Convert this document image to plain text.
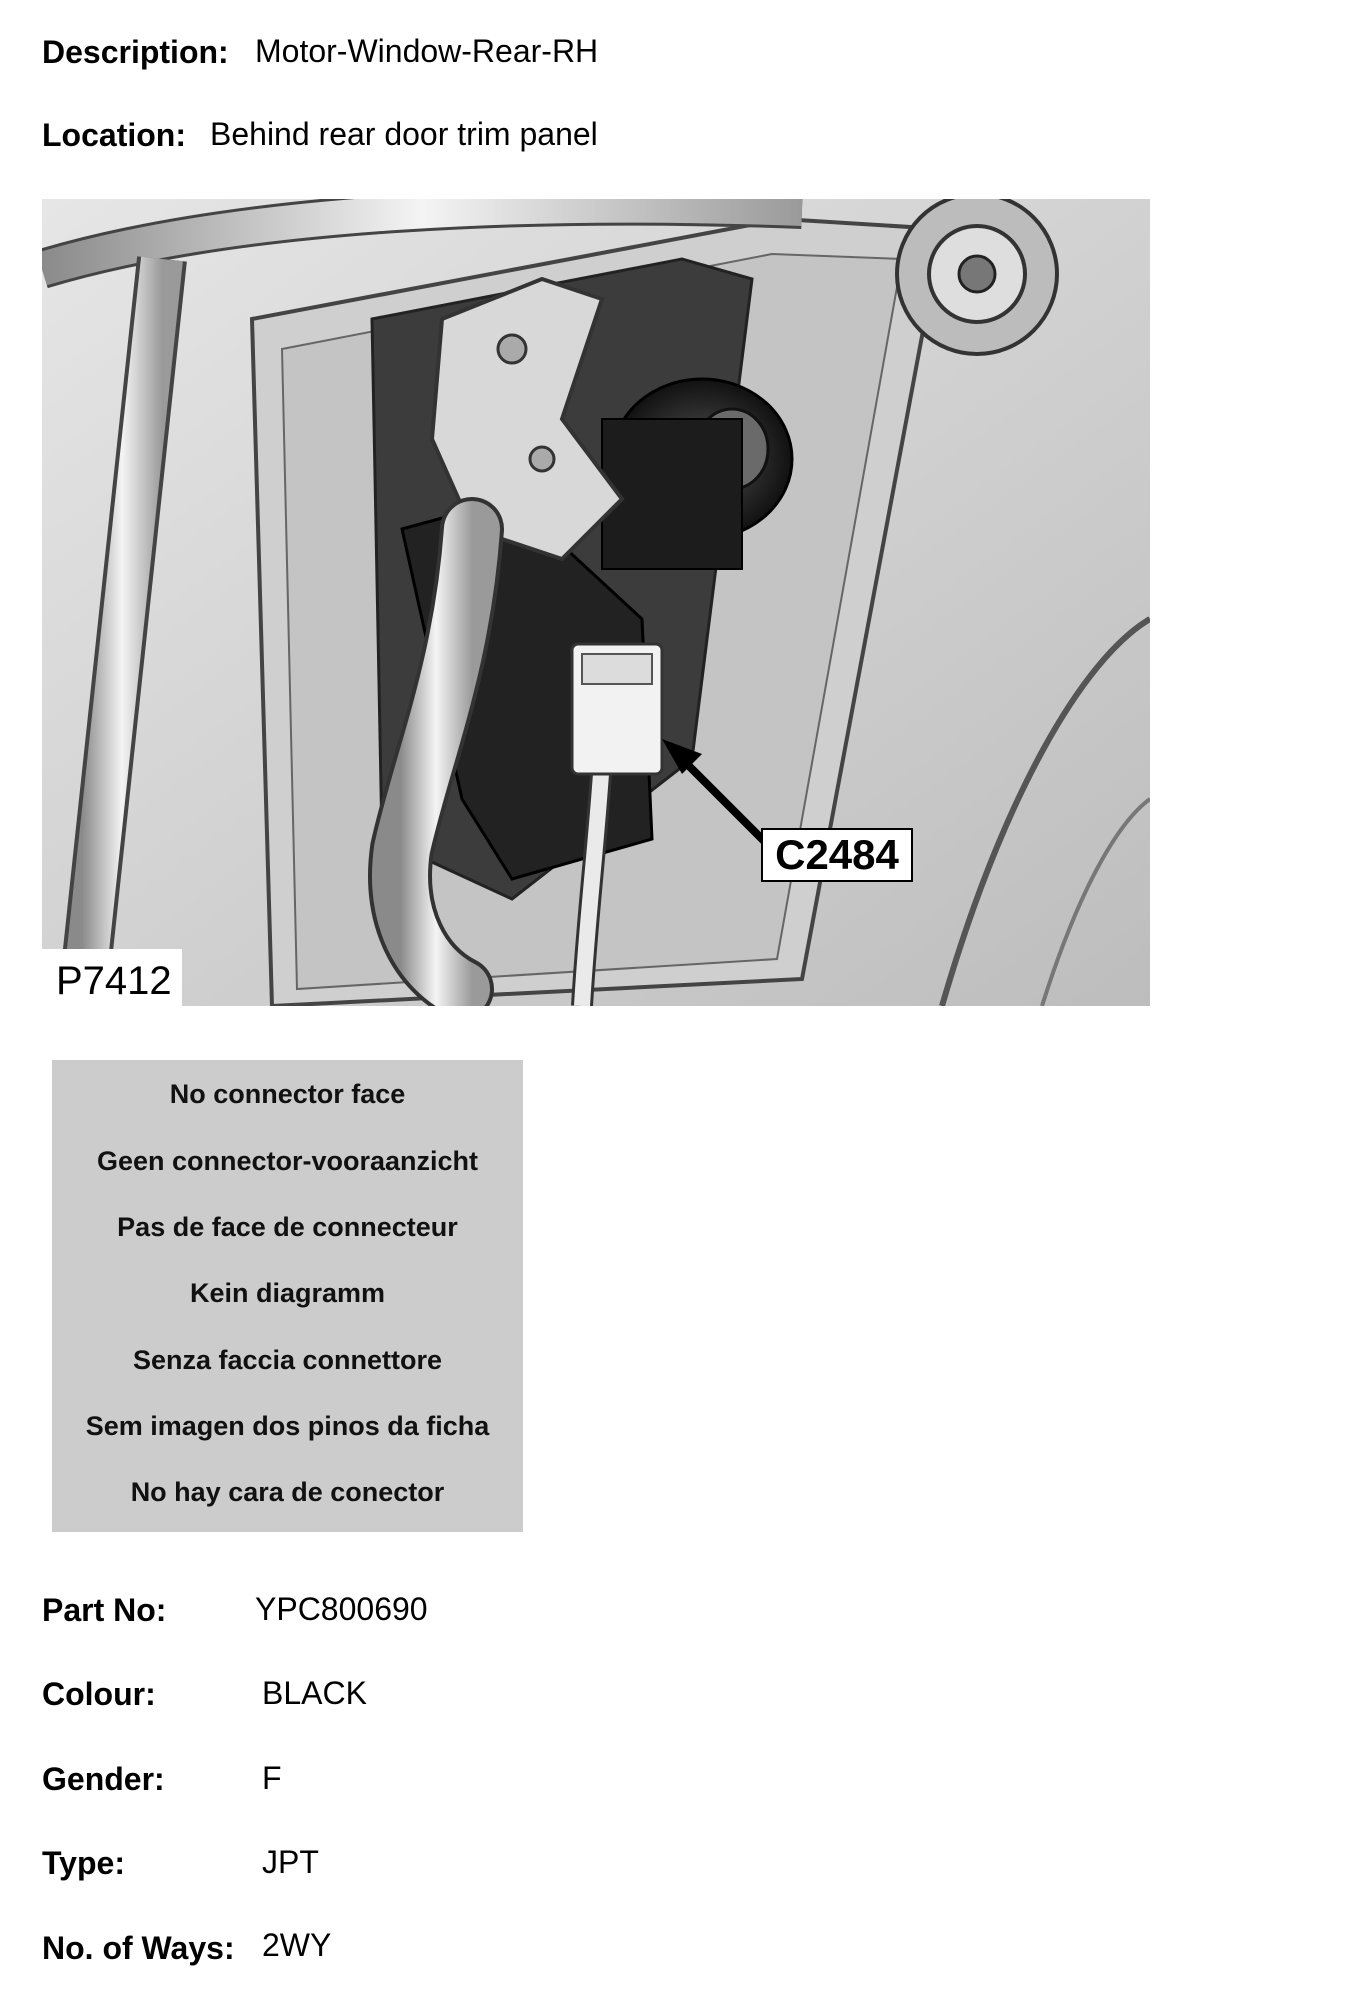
Description: Motor-Window-Rear-RH
Location: Behind rear door trim panel
C2484
P7412
No connector face
Geen connector-vooraanzicht
Pas de face de connecteur
Kein diagramm
Senza faccia connettore
Sem imagen dos pinos da ficha
No hay cara de conector
Part No:	YPC800690
Colour:	BLACK
Gender:	F
Type:	JPT
No. of Ways: 2WY
